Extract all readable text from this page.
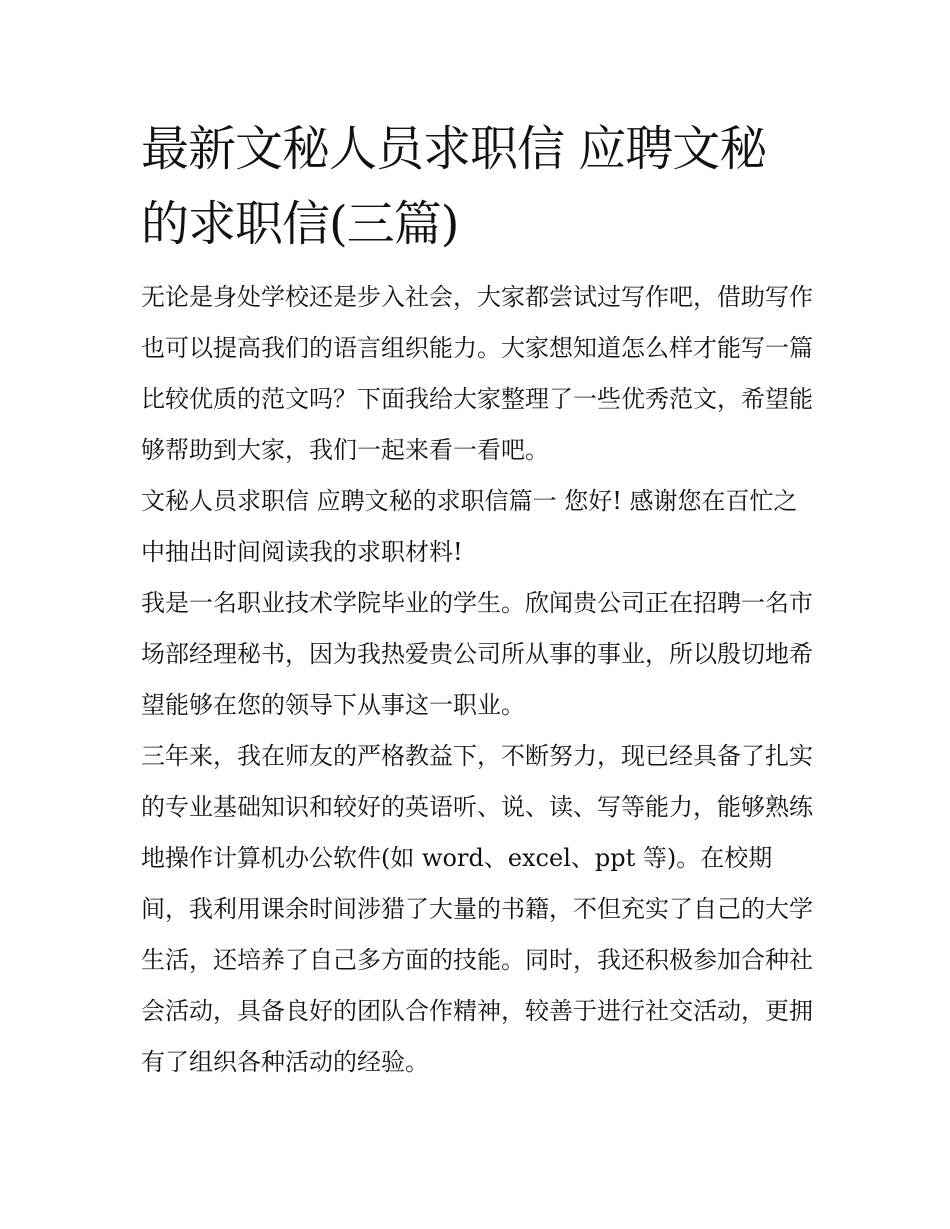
最新文秘人员求职信 应聘文秘的求职信(三篇)

无论是身处学校还是步入社会，大家都尝试过写作吧，借助写作也可以提高我们的语言组织能力。大家想知道怎么样才能写一篇比较优质的范文吗？下面我给大家整理了一些优秀范文，希望能够帮助到大家，我们一起来看一看吧。

文秘人员求职信 应聘文秘的求职信篇一 您好! 感谢您在百忙之中抽出时间阅读我的求职材料!

我是一名职业技术学院毕业的学生。欣闻贵公司正在招聘一名市场部经理秘书，因为我热爱贵公司所从事的事业，所以殷切地希望能够在您的领导下从事这一职业。

三年来，我在师友的严格教益下，不断努力，现已经具备了扎实的专业基础知识和较好的英语听、说、读、写等能力，能够熟练地操作计算机办公软件(如 word、excel、ppt 等)。在校期间，我利用课余时间涉猎了大量的书籍，不但充实了自己的大学生活，还培养了自己多方面的技能。同时，我还积极参加合种社会活动，具备良好的团队合作精神，较善于进行社交活动，更拥有了组织各种活动的经验。
